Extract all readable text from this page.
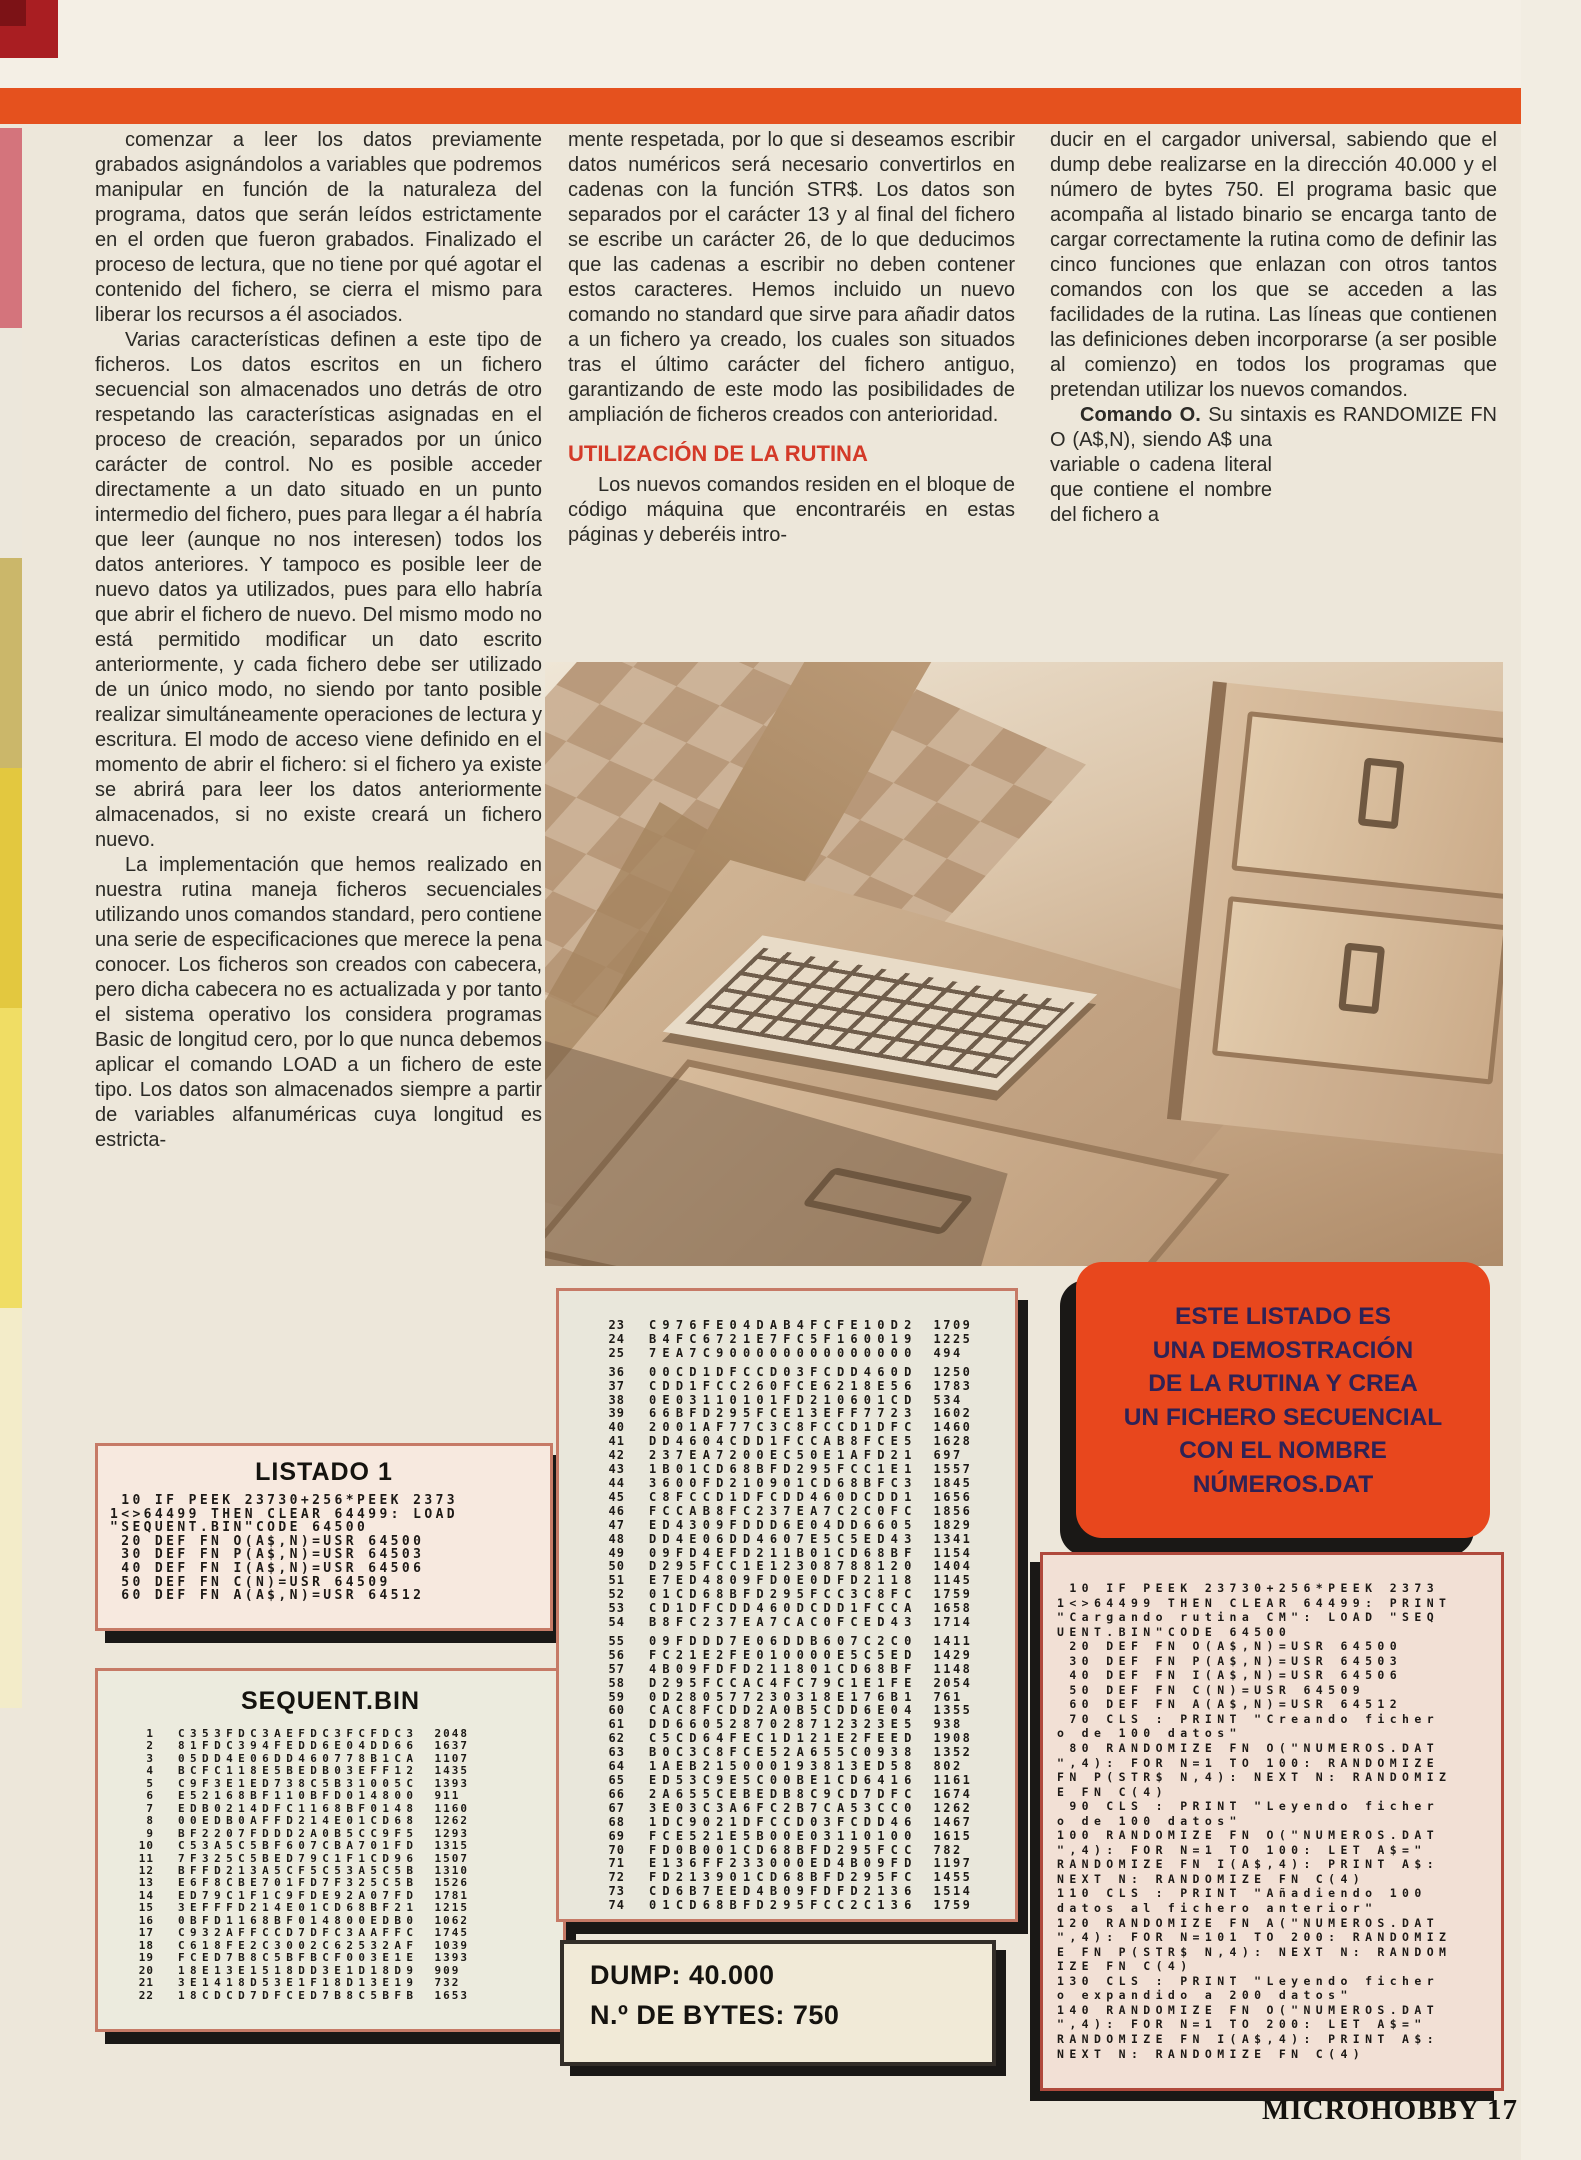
comenzar a leer los datos previamente grabados asignándolos a variables que podremos manipular en función de la naturaleza del programa, datos que serán leídos estrictamente en el orden que fueron grabados. Finalizado el proceso de lectura, que no tiene por qué agotar el contenido del fichero, se cierra el mismo para liberar los recursos a él asociados.

Varias características definen a este tipo de ficheros. Los datos escritos en un fichero secuencial son almacenados uno detrás de otro respetando las características asignadas en el proceso de creación, separados por un único carácter de control. No es posible acceder directamente a un dato situado en un punto intermedio del fichero, pues para llegar a él habría que leer (aunque no nos interesen) todos los datos anteriores. Y tampoco es posible leer de nuevo datos ya utilizados, pues para ello habría que abrir el fichero de nuevo. Del mismo modo no está permitido modificar un dato escrito anteriormente, y cada fichero debe ser utilizado de un único modo, no siendo por tanto posible realizar simultáneamente operaciones de lectura y escritura. El modo de acceso viene definido en el momento de abrir el fichero: si el fichero ya existe se abrirá para leer los datos anteriormente almacenados, si no existe creará un fichero nuevo.

La implementación que hemos realizado en nuestra rutina maneja ficheros secuenciales utilizando unos comandos standard, pero contiene una serie de especificaciones que merece la pena conocer. Los ficheros son creados con cabecera, pero dicha cabecera no es actualizada y por tanto el sistema operativo los considera programas Basic de longitud cero, por lo que nunca debemos aplicar el comando LOAD a un fichero de este tipo. Los datos son almacenados siempre a partir de variables alfanuméricas cuya longitud es estricta-

mente respetada, por lo que si deseamos escribir datos numéricos será necesario convertirlos en cadenas con la función STR$. Los datos son separados por el carácter 13 y al final del fichero se escribe un carácter 26, de lo que deducimos que las cadenas a escribir no deben contener estos caracteres. Hemos incluido un nuevo comando no standard que sirve para añadir datos a un fichero ya creado, los cuales son situados tras el último carácter del fichero antiguo, garantizando de este modo las posibilidades de ampliación de ficheros creados con anterioridad.

UTILIZACIÓN DE LA RUTINA

Los nuevos comandos residen en el bloque de código máquina que encontraréis en estas páginas y deberéis intro-

ducir en el cargador universal, sabiendo que el dump debe realizarse en la dirección 40.000 y el número de bytes 750. El programa basic que acompaña al listado binario se encarga tanto de cargar correctamente la rutina como de definir las cinco funciones que enlazan con otros tantos comandos con los que se acceden a las facilidades de la rutina. Las líneas que contienen las definiciones deben incorporarse (a ser posible al comienzo) en todos los programas que pretendan utilizar los nuevos comandos.

Comando O. Su sintaxis es RANDOMIZE FN O (A$,N), siendo A$ una variable o cadena literal que contiene el nombre del fichero a

LISTADO 1
10 IF PEEK 23730+256*PEEK 2373
1<>64499 THEN CLEAR 64499: LOAD
"SEQUENT.BIN"CODE 64500
20 DEF FN O(A$,N)=USR 64500
30 DEF FN P(A$,N)=USR 64503
40 DEF FN I(A$,N)=USR 64506
50 DEF FN C(N)=USR 64509
60 DEF FN A(A$,N)=USR 64512
SEQUENT.BIN
1 C353FDC3AEFDC3FCFDC3 2048
2 81FDC394FEDD6E04DD66 1637
3 05DD4E06DD460778B1CA 1107
4 BCFC118E5BEDB03EFF12 1435
5 C9F3E1ED738C5B31005C 1393
6 E52168BF110BFD014800 911
7 EDB0214DFC1168BF0148 1160
8 00EDB0AFFD214E01CD68 1262
9 BF2207FDDD2A0B5CC9F5 1293
10 C53A5C5BF607CBA701FD 1315
11 7F325C5BED79C1F1CD96 1507
12 BFFD213A5CF5C53A5C5B 1310
13 E6F8CBE701FD7F325C5B 1526
14 ED79C1F1C9FDE92A07FD 1781
15 3EFFFD214E01CD68BF21 1215
16 0BFD1168BF014800EDB0 1062
17 C932AFFCCD7DFC3AAFFC 1745
18 C618FE2C3002C62532AF 1039
19 FCED7B8C5BFBCF003E1E 1393
20 18E13E1518DD3E1D18D9 909
21 3E1418D53E1F18D13E19 732
22 18CDCD7DFCED7B8C5BFB 1653
23 C976FE04DAB4FCFE10D2 1709
24 B4FC6721E7FC5F160019 1225
25 7EA7C900000000000000 494
36 00CD1DFCCD03FCDD460D 1250
37 CDD1FCC260FCE6218E56 1783
38 0E03110101FD210601CD 534
39 66BFD295FCE13EFF7723 1602
40 2001AF77C3C8FCCD1DFC 1460
41 DD4604CDD1FCCAB8FCE5 1628
42 237EA7200EC50E1AFD21 697
43 1B01CD68BFD295FCC1E1 1557
44 3600FD210901CD68BFC3 1845
45 C8FCCD1DFCDD460DCDD1 1656
46 FCCAB8FC237EA7C2C0FC 1856
47 ED4309FDDD6E04DD6605 1829
48 DD4E06DD4607E5C5ED43 1341
49 09FD4EFD211B01CD68BF 1154
50 D295FCC1E12308788120 1404
51 E7ED4809FD0E0DFD2118 1145
52 01CD68BFD295FCC3C8FC 1759
53 CD1DFCDD460DCDD1FCCA 1658
54 B8FC237EA7CAC0FCED43 1714
55 09FDDD7E06DDB607C2C0 1411
56 FC21E2FE010000E5C5ED 1429
57 4B09FDFD211801CD68BF 1148
58 D295FCCAC4FC79C1E1FE 2054
59 0D280577230318E176B1 761
60 CAC8FCDD2A0B5CDD6E04 1355
61 DD6605287028712323E5 938
62 C5CD64FEC1D121E2FEED 1908
63 B0C3C8FCE52A655C0938 1352
64 1AEB215000193813ED58 802
65 ED53C9E5C00BE1CD6416 1161
66 2A655CEBEDB8C9CD7DFC 1674
67 3E03C3A6FC2B7CA53CC0 1262
68 1DC9021DFCCD03FCDD46 1467
69 FCE521E5B00E03110100 1615
70 FD0B001CD68BFD295FCC 782
71 E136FF233000ED4B09FD 1197
72 FD213901CD68BFD295FC 1455
73 CD6B7EED4B09FDFD2136 1514
74 01CD68BFD295FCC2C136 1759
DUMP: 40.000
N.º DE BYTES: 750
ESTE LISTADO ES
UNA DEMOSTRACIÓN
DE LA RUTINA Y CREA
UN FICHERO SECUENCIAL
CON EL NOMBRE
NÚMEROS.DAT
10 IF PEEK 23730+256*PEEK 2373
1<>64499 THEN CLEAR 64499: PRINT
"Cargando rutina CM": LOAD "SEQ
UENT.BIN"CODE 64500
20 DEF FN O(A$,N)=USR 64500
30 DEF FN P(A$,N)=USR 64503
40 DEF FN I(A$,N)=USR 64506
50 DEF FN C(N)=USR 64509
60 DEF FN A(A$,N)=USR 64512
70 CLS : PRINT "Creando ficher
o de 100 datos"
80 RANDOMIZE FN O("NUMEROS.DAT
",4): FOR N=1 TO 100: RANDOMIZE
FN P(STR$ N,4): NEXT N: RANDOMIZ
E FN C(4)
90 CLS : PRINT "Leyendo ficher
o de 100 datos"
100 RANDOMIZE FN O("NUMEROS.DAT
",4): FOR N=1 TO 100: LET A$="
RANDOMIZE FN I(A$,4): PRINT A$:
NEXT N: RANDOMIZE FN C(4)
110 CLS : PRINT "Añadiendo 100
datos al fichero anterior"
120 RANDOMIZE FN A("NUMEROS.DAT
",4): FOR N=101 TO 200: RANDOMIZ
E FN P(STR$ N,4): NEXT N: RANDOM
IZE FN C(4)
130 CLS : PRINT "Leyendo ficher
o expandido a 200 datos"
140 RANDOMIZE FN O("NUMEROS.DAT
",4): FOR N=1 TO 200: LET A$="
RANDOMIZE FN I(A$,4): PRINT A$:
NEXT N: RANDOMIZE FN C(4)
MICROHOBBY 17
